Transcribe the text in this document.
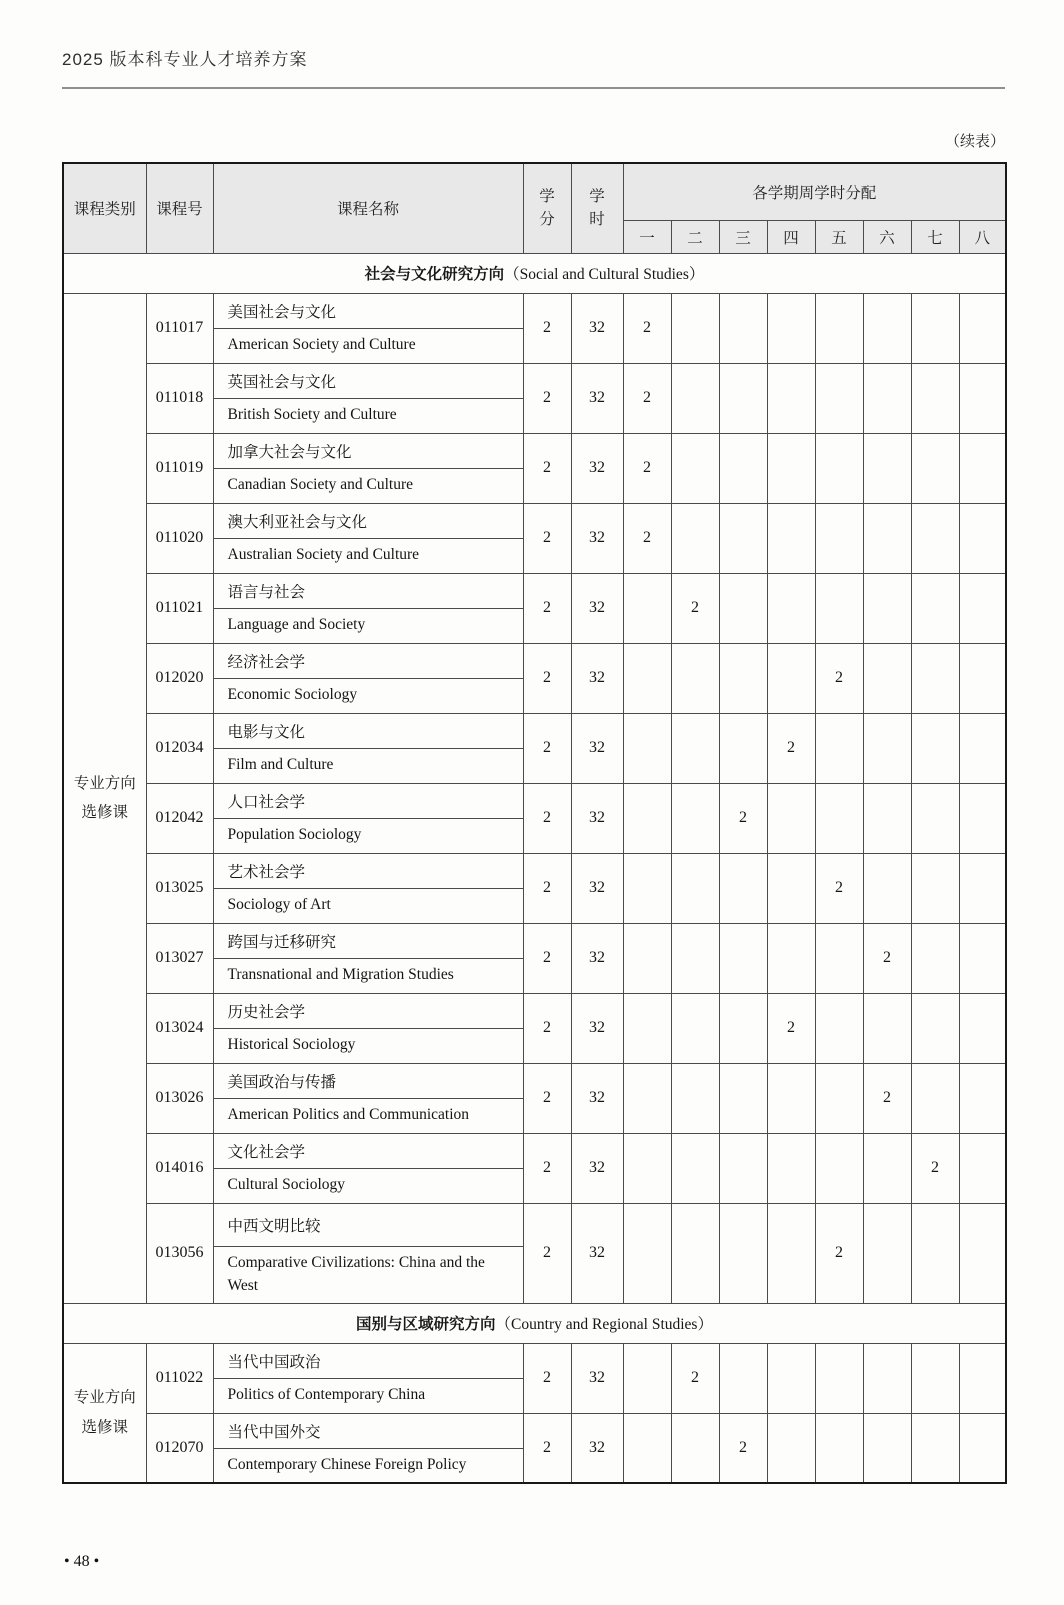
2025 版本科专业人才培养方案
（续表）
课程类别	课程号	课程名称	学分	学时	各学期周学时分配							
					一	二	三	四	五	六	七	八
社会与文化研究方向（Social and Cultural Studies）												

专业方向选修课	011017	美国社会与文化
American Society and Culture	2	32	2							
	011018	英国社会与文化
British Society and Culture	2	32	2							
	011019	加拿大社会与文化
Canadian Society and Culture	2	32	2							
	011020	澳大利亚社会与文化
Australian Society and Culture	2	32	2							
	011021	语言与社会
Language and Society	2	32		2						
	012020	经济社会学
Economic Sociology	2	32					2			
	012034	电影与文化
Film and Culture	2	32				2				
	012042	人口社会学
Population Sociology	2	32			2					
	013025	艺术社会学
Sociology of Art	2	32					2			
	013027	跨国与迁移研究
Transnational and Migration Studies	2	32						2		
	013024	历史社会学
Historical Sociology	2	32				2				
	013026	美国政治与传播
American Politics and Communication	2	32						2		
	014016	文化社会学
Cultural Sociology	2	32							2	
	013056	中西文明比较
Comparative Civilizations: China and the West	2	32					2			
国别与区域研究方向（Country and Regional Studies）												

专业方向选修课	011022	当代中国政治
Politics of Contemporary China	2	32		2						
	012070	当代中国外交
Contemporary Chinese Foreign Policy	2	32			2					
• 48 •
